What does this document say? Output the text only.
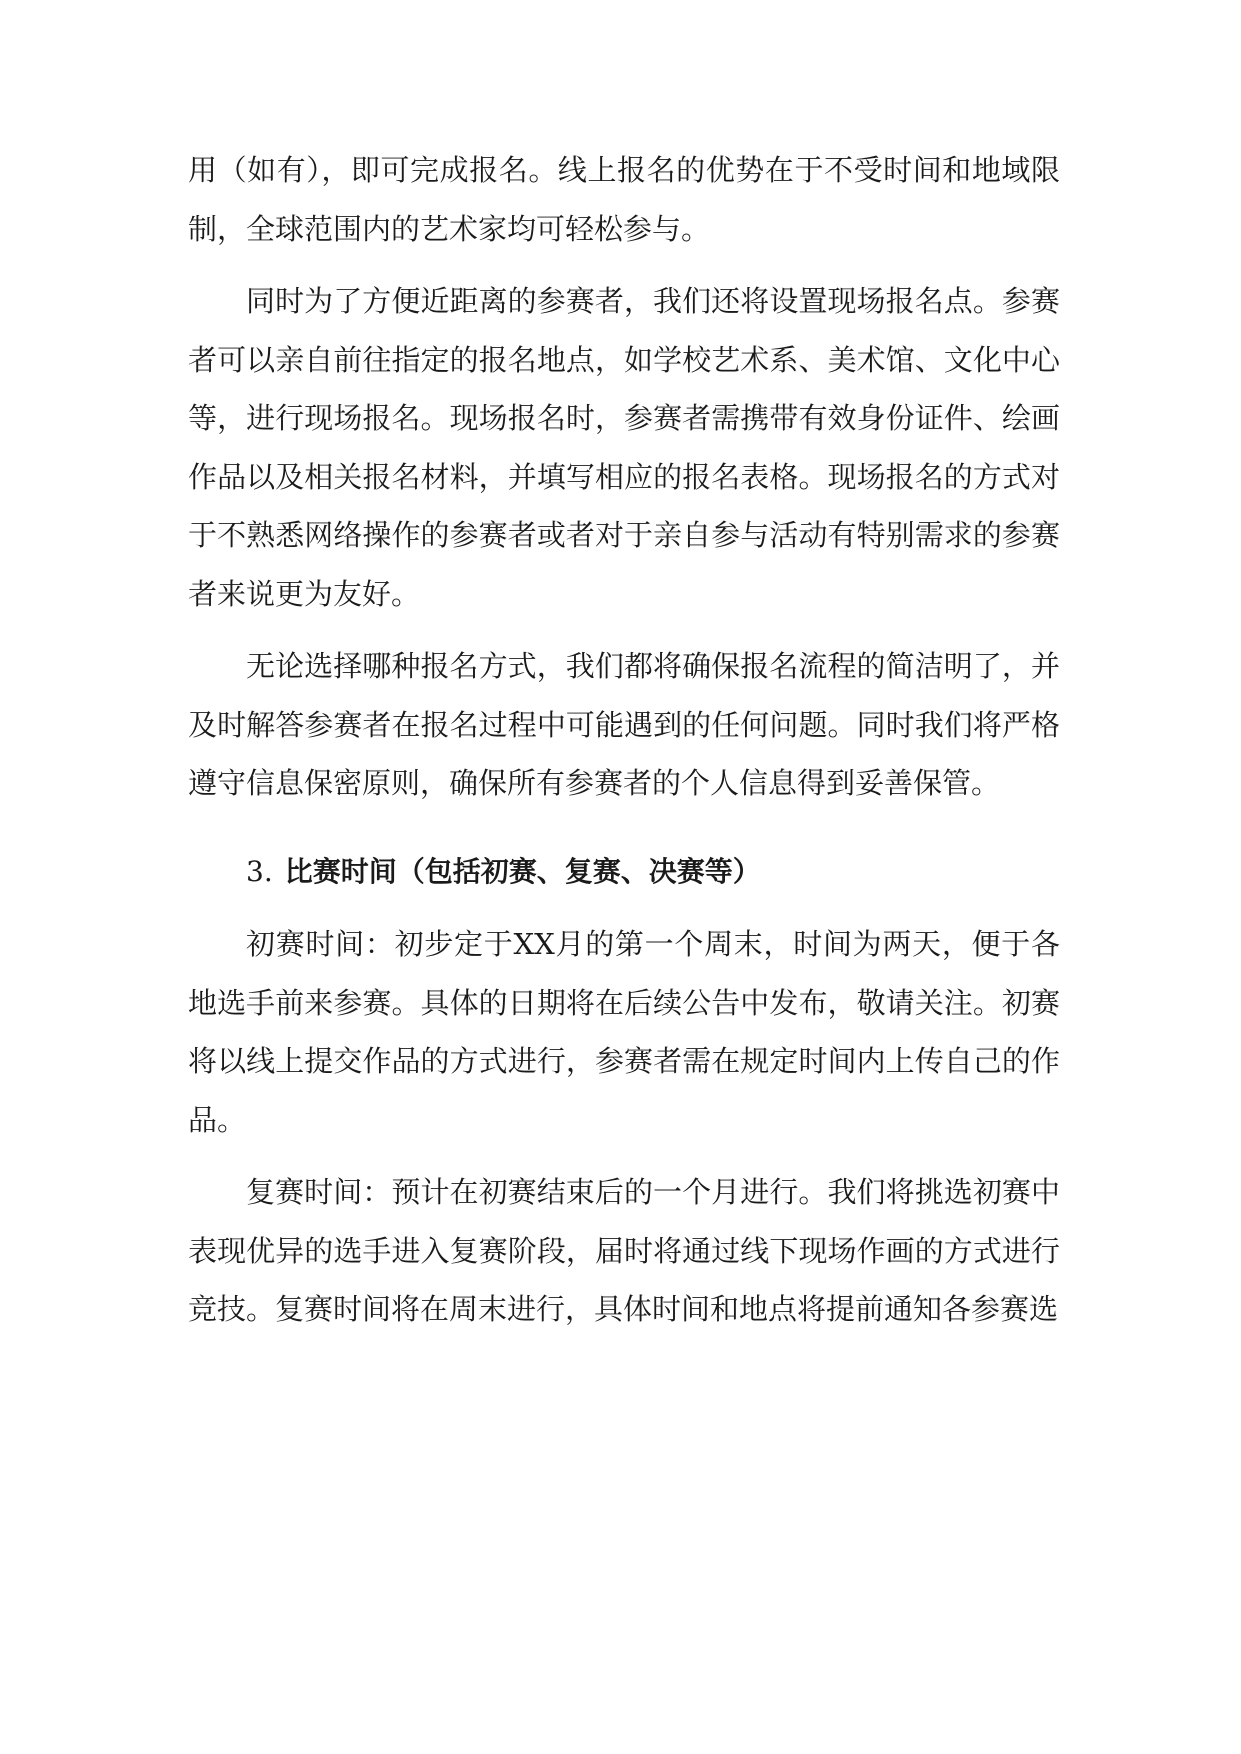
用（如有），即可完成报名。线上报名的优势在于不受时间和地域限制，全球范围内的艺术家均可轻松参与。

同时为了方便近距离的参赛者，我们还将设置现场报名点。参赛者可以亲自前往指定的报名地点，如学校艺术系、美术馆、文化中心等，进行现场报名。现场报名时，参赛者需携带有效身份证件、绘画作品以及相关报名材料，并填写相应的报名表格。现场报名的方式对于不熟悉网络操作的参赛者或者对于亲自参与活动有特别需求的参赛者来说更为友好。

无论选择哪种报名方式，我们都将确保报名流程的简洁明了，并及时解答参赛者在报名过程中可能遇到的任何问题。同时我们将严格遵守信息保密原则，确保所有参赛者的个人信息得到妥善保管。

3. 比赛时间（包括初赛、复赛、决赛等）

初赛时间：初步定于XX月的第一个周末，时间为两天，便于各地选手前来参赛。具体的日期将在后续公告中发布，敬请关注。初赛将以线上提交作品的方式进行，参赛者需在规定时间内上传自己的作品。

复赛时间：预计在初赛结束后的一个月进行。我们将挑选初赛中表现优异的选手进入复赛阶段，届时将通过线下现场作画的方式进行竞技。复赛时间将在周末进行，具体时间和地点将提前通知各参赛选
